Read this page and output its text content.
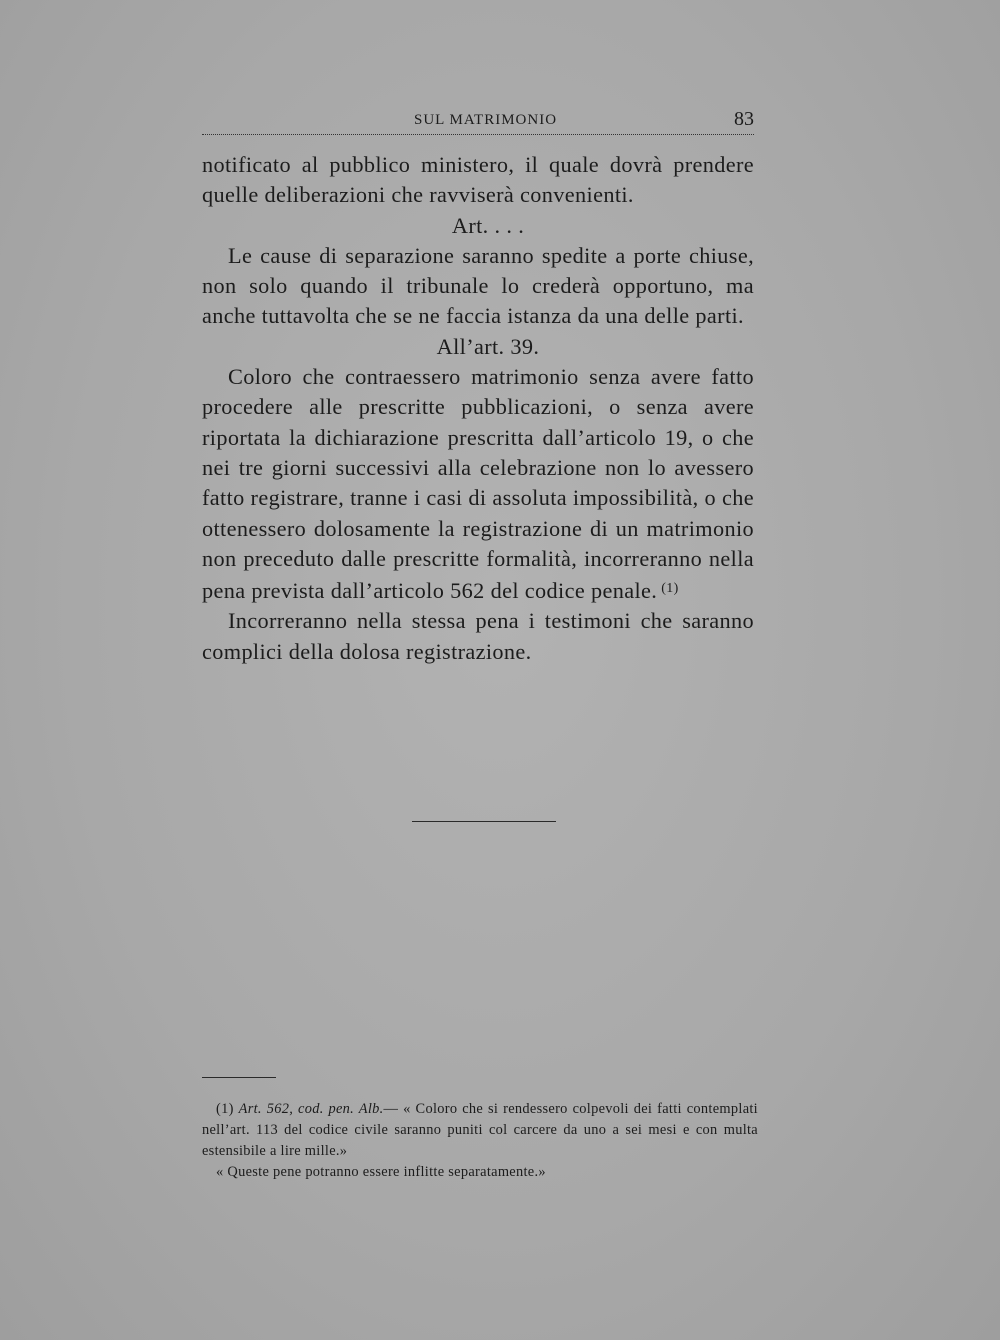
SUL MATRIMONIO	83

notificato al pubblico ministero, il quale dovrà prendere quelle deliberazioni che ravviserà convenienti.

Art. . . .

Le cause di separazione saranno spedite a porte chiuse, non solo quando il tribunale lo crederà opportuno, ma anche tuttavolta che se ne faccia istanza da una delle parti.

All’art. 39.

Coloro che contraessero matrimonio senza avere fatto procedere alle prescritte pubblicazioni, o senza avere riportata la dichiarazione prescritta dall’articolo 19, o che nei tre giorni successivi alla celebrazione non lo avessero fatto registrare, tranne i casi di assoluta impossibilità, o che ottenessero dolosamente la registrazione di un matrimonio non preceduto dalle prescritte formalità, incorreranno nella pena prevista dall’articolo 562 del codice penale. $^{(1)}$

Incorreranno nella stessa pena i testimoni che saranno complici della dolosa registrazione.

(1) Art. 562, cod. pen. Alb.— « Coloro che si rendessero colpevoli dei fatti contemplati nell’art. 113 del codice civile saranno puniti col carcere da uno a sei mesi e con multa estensibile a lire mille.»

« Queste pene potranno essere inflitte separatamente.»
